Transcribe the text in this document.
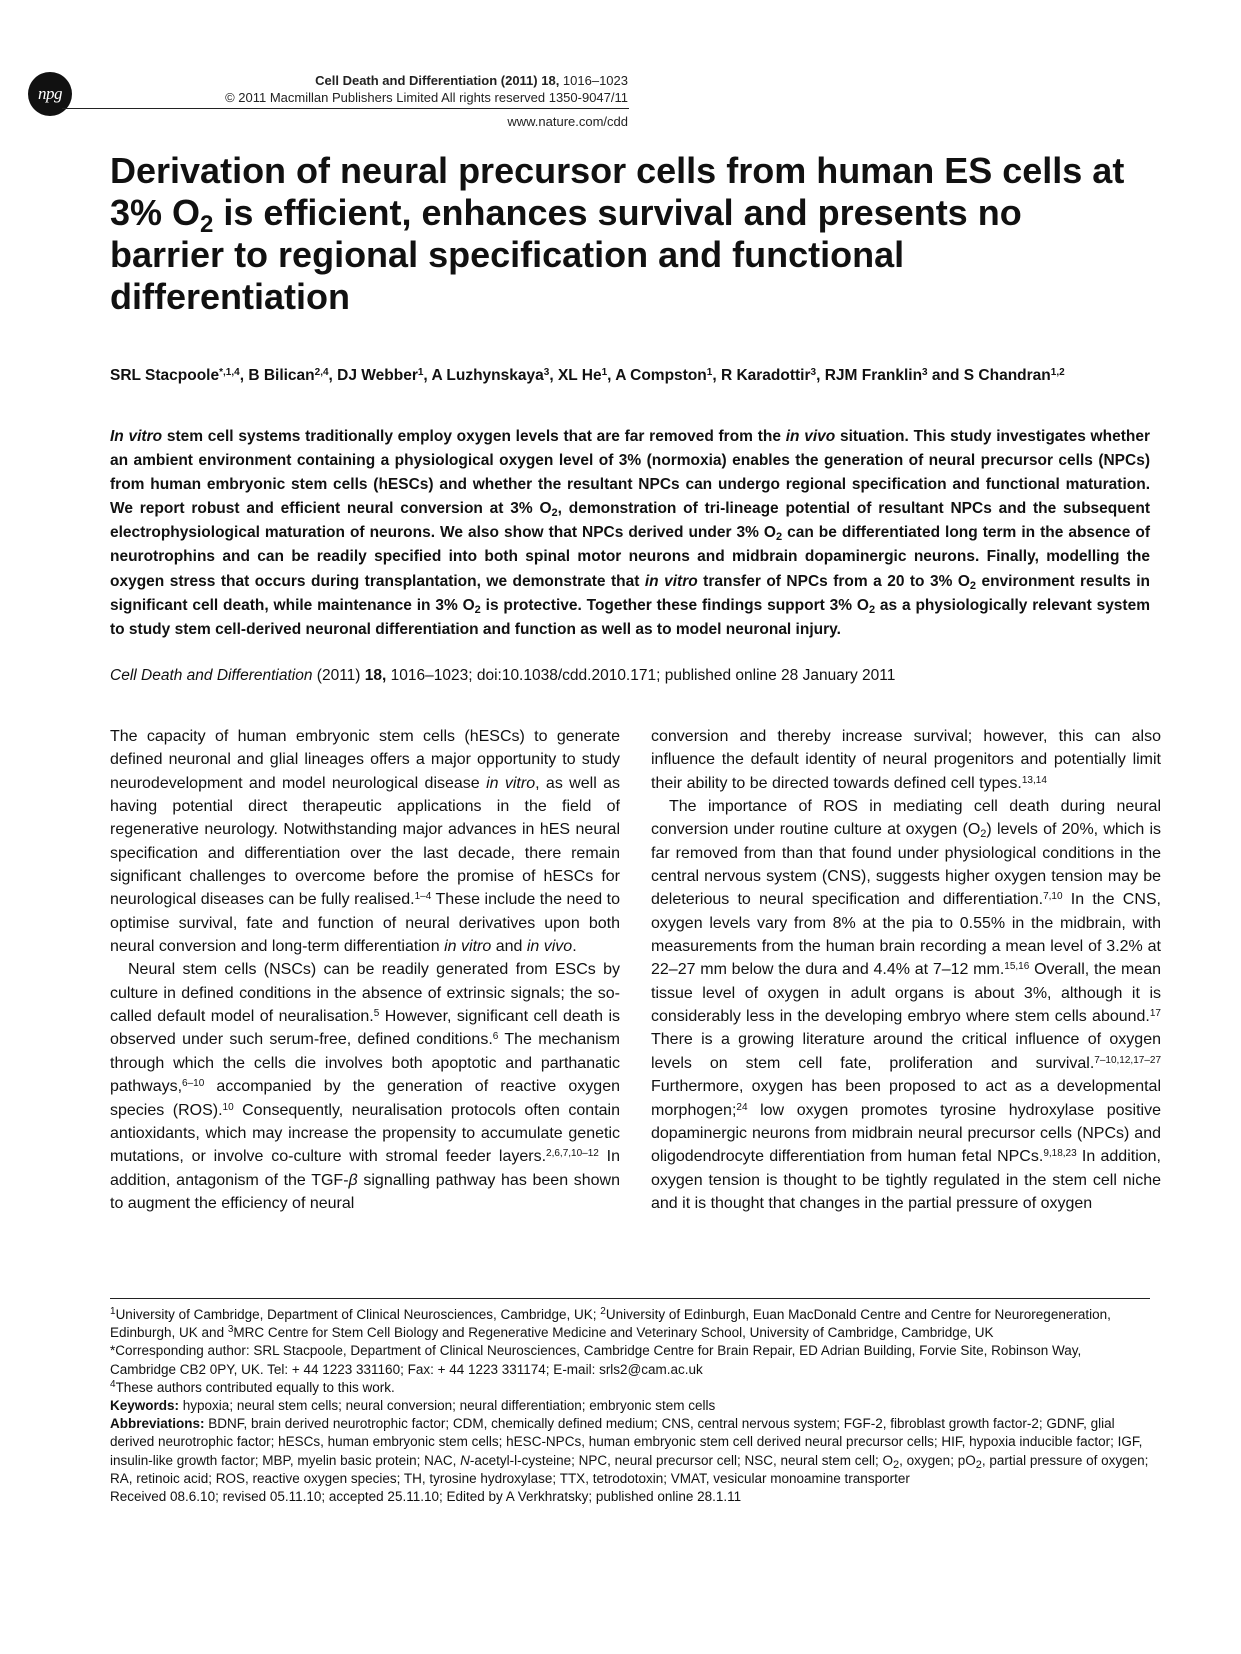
npg
Cell Death and Differentiation (2011) 18, 1016–1023
© 2011 Macmillan Publishers Limited All rights reserved 1350-9047/11
www.nature.com/cdd
Derivation of neural precursor cells from human ES cells at 3% $O_2$ is efficient, enhances survival and presents no barrier to regional specification and functional differentiation
SRL Stacpoole$^{*,1,4}$, B Bilican$^{2,4}$, DJ Webber$^1$, A Luzhynskaya$^3$, XL He$^1$, A Compston$^1$, R Karadottir$^3$, RJM Franklin$^3$ and S Chandran$^{1,2}$

In vitro stem cell systems traditionally employ oxygen levels that are far removed from the in vivo situation. This study investigates whether an ambient environment containing a physiological oxygen level of 3% (normoxia) enables the generation of neural precursor cells (NPCs) from human embryonic stem cells (hESCs) and whether the resultant NPCs can undergo regional specification and functional maturation. We report robust and efficient neural conversion at 3% $O_2$, demonstration of tri-lineage potential of resultant NPCs and the subsequent electrophysiological maturation of neurons. We also show that NPCs derived under 3% $O_2$ can be differentiated long term in the absence of neurotrophins and can be readily specified into both spinal motor neurons and midbrain dopaminergic neurons. Finally, modelling the oxygen stress that occurs during transplantation, we demonstrate that in vitro transfer of NPCs from a 20 to 3% $O_2$ environment results in significant cell death, while maintenance in 3% $O_2$ is protective. Together these findings support 3% $O_2$ as a physiologically relevant system to study stem cell-derived neuronal differentiation and function as well as to model neuronal injury.

Cell Death and Differentiation (2011) 18, 1016–1023; doi:10.1038/cdd.2010.171; published online 28 January 2011

The capacity of human embryonic stem cells (hESCs) to generate defined neuronal and glial lineages offers a major opportunity to study neurodevelopment and model neurological disease in vitro, as well as having potential direct therapeutic applications in the field of regenerative neurology. Notwithstanding major advances in hES neural specification and differentiation over the last decade, there remain significant challenges to overcome before the promise of hESCs for neurological diseases can be fully realised.$^{1-4}$ These include the need to optimise survival, fate and function of neural derivatives upon both neural conversion and long-term differentiation in vitro and in vivo.

Neural stem cells (NSCs) can be readily generated from ESCs by culture in defined conditions in the absence of extrinsic signals; the so-called default model of neuralisation.$^5$ However, significant cell death is observed under such serum-free, defined conditions.$^6$ The mechanism through which the cells die involves both apoptotic and parthanatic pathways,$^{6-10}$ accompanied by the generation of reactive oxygen species (ROS).$^{10}$ Consequently, neuralisation protocols often contain antioxidants, which may increase the propensity to accumulate genetic mutations, or involve co-culture with stromal feeder layers.$^{2,6,7,10-12}$ In addition, antagonism of the TGF-β signalling pathway has been shown to augment the efficiency of neural

conversion and thereby increase survival; however, this can also influence the default identity of neural progenitors and potentially limit their ability to be directed towards defined cell types.$^{13,14}$

The importance of ROS in mediating cell death during neural conversion under routine culture at oxygen $(O_2)$ levels of 20%, which is far removed from than that found under physiological conditions in the central nervous system (CNS), suggests higher oxygen tension may be deleterious to neural specification and differentiation.$^{7,10}$ In the CNS, oxygen levels vary from 8% at the pia to 0.55% in the midbrain, with measurements from the human brain recording a mean level of 3.2% at 22–27 mm below the dura and 4.4% at 7–12 mm.$^{15,16}$ Overall, the mean tissue level of oxygen in adult organs is about 3%, although it is considerably less in the developing embryo where stem cells abound.$^{17}$ There is a growing literature around the critical influence of oxygen levels on stem cell fate, proliferation and survival.$^{7-10,12,17-27}$ Furthermore, oxygen has been proposed to act as a developmental morphogen;$^{24}$ low oxygen promotes tyrosine hydroxylase positive dopaminergic neurons from midbrain neural precursor cells (NPCs) and oligodendrocyte differentiation from human fetal NPCs.$^{9,18,23}$ In addition, oxygen tension is thought to be tightly regulated in the stem cell niche and it is thought that changes in the partial pressure of oxygen

$^1$University of Cambridge, Department of Clinical Neurosciences, Cambridge, UK; $^2$University of Edinburgh, Euan MacDonald Centre and Centre for Neuroregeneration, Edinburgh, UK and $^3$MRC Centre for Stem Cell Biology and Regenerative Medicine and Veterinary School, University of Cambridge, Cambridge, UK

*Corresponding author: SRL Stacpoole, Department of Clinical Neurosciences, Cambridge Centre for Brain Repair, ED Adrian Building, Forvie Site, Robinson Way, Cambridge CB2 0PY, UK. Tel: + 44 1223 331160; Fax: + 44 1223 331174; E-mail: srls2@cam.ac.uk

$^4$These authors contributed equally to this work.

Keywords: hypoxia; neural stem cells; neural conversion; neural differentiation; embryonic stem cells

Abbreviations: BDNF, brain derived neurotrophic factor; CDM, chemically defined medium; CNS, central nervous system; FGF-2, fibroblast growth factor-2; GDNF, glial derived neurotrophic factor; hESCs, human embryonic stem cells; hESC-NPCs, human embryonic stem cell derived neural precursor cells; HIF, hypoxia inducible factor; IGF, insulin-like growth factor; MBP, myelin basic protein; NAC, N-acetyl-l-cysteine; NPC, neural precursor cell; NSC, neural stem cell; $O_2$, oxygen; $pO_2$, partial pressure of oxygen; RA, retinoic acid; ROS, reactive oxygen species; TH, tyrosine hydroxylase; TTX, tetrodotoxin; VMAT, vesicular monoamine transporter

Received 08.6.10; revised 05.11.10; accepted 25.11.10; Edited by A Verkhratsky; published online 28.1.11
